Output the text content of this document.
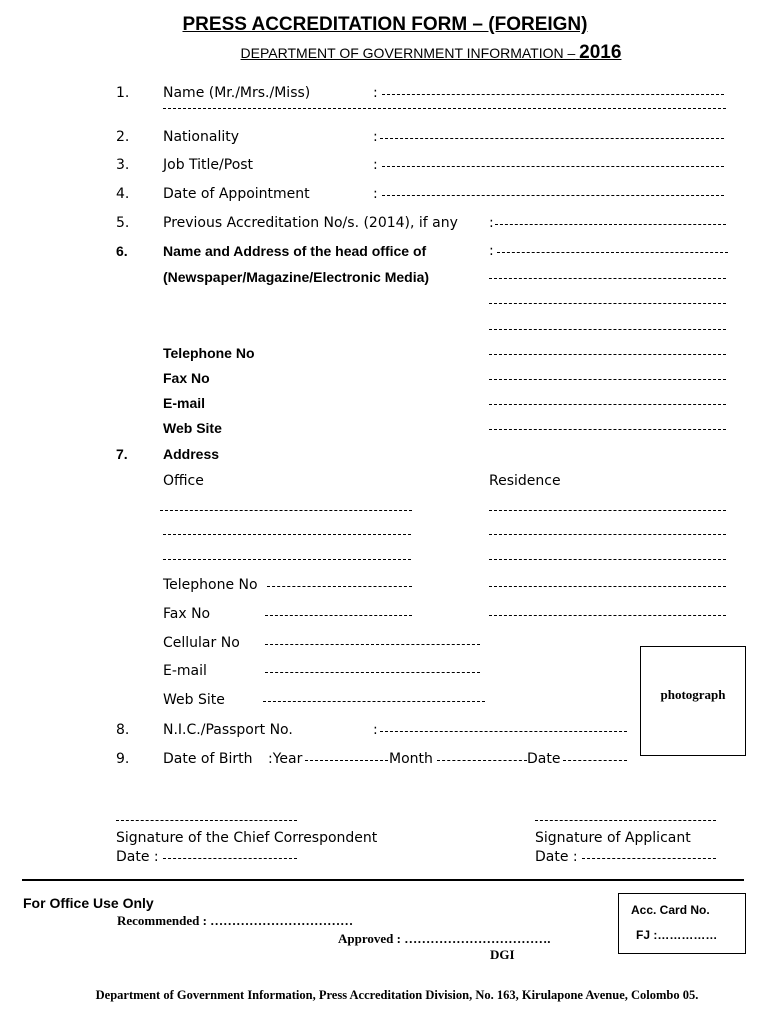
PRESS ACCREDITATION FORM – (FOREIGN)
DEPARTMENT OF GOVERNMENT INFORMATION – 2016
1. Name (Mr./Mrs./Miss)	:
2. Nationality	:
3. Job Title/Post	:
4. Date of Appointment	:
5. Previous Accreditation No/s. (2014), if any :
6.	Name and Address of the head office of
(Newspaper/Magazine/Electronic Media)
:
Telephone No
Fax No
E-mail
Web Site
7.	Address
Office	Residence
Telephone No
Fax No
Cellular No
E-mail
Web Site	photograph
8. N.I.C./Passport No.	:
9. Date of Birth :Year	Month	Date
Signature of the Chief Correspondent
Date :
Signature of Applicant
Date :
For Office Use Only
Recommended : ……………………………
Approved : …………………………….
DGI
Acc. Card No.
FJ :……………
Department of Government Information, Press Accreditation Division, No. 163, Kirulapone Avenue, Colombo 05.
